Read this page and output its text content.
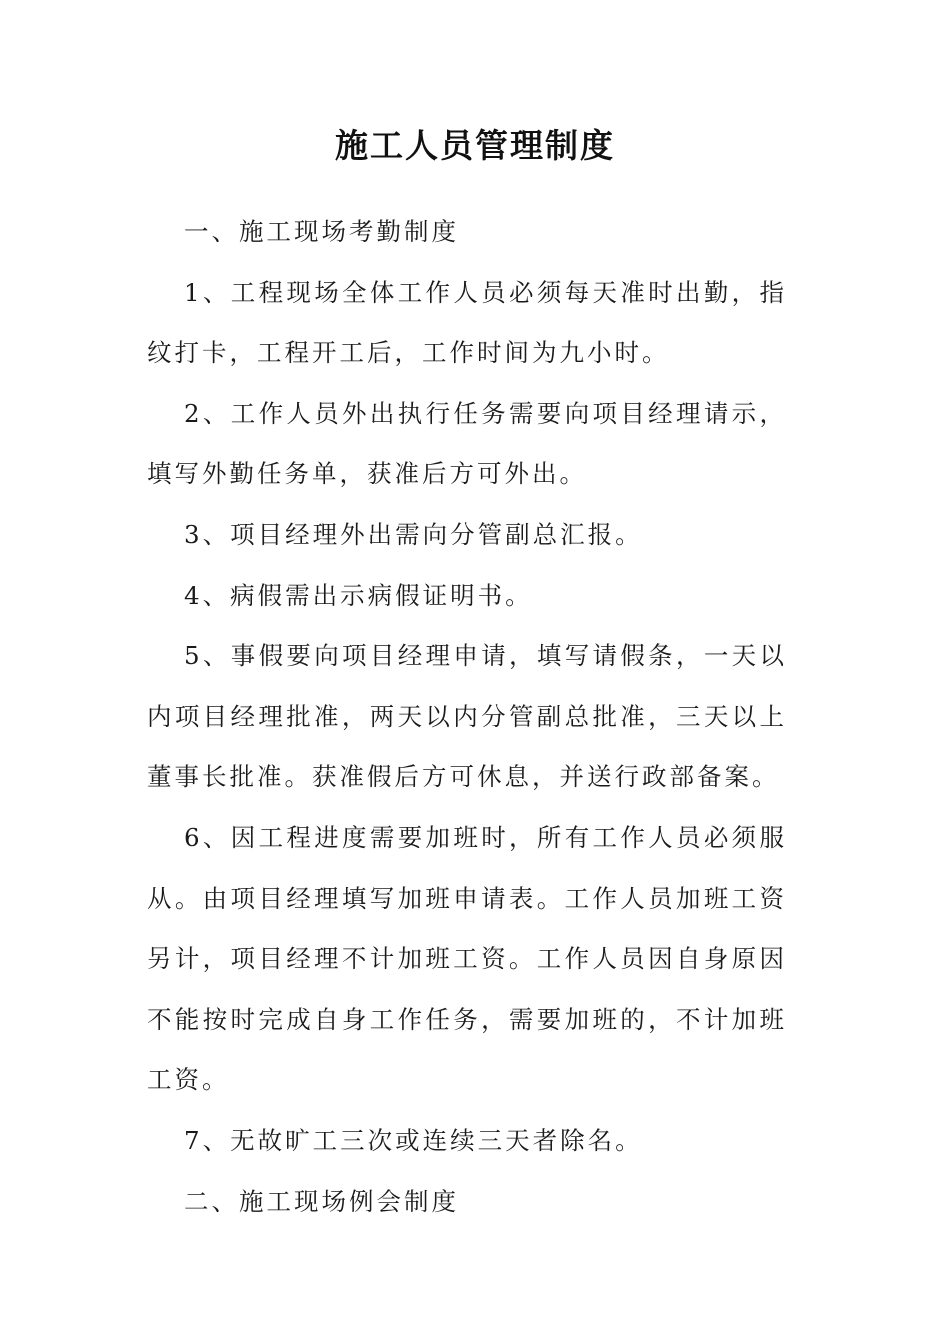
施工人员管理制度

一、施工现场考勤制度

1、工程现场全体工作人员必须每天准时出勤，指纹打卡，工程开工后，工作时间为九小时。

2、工作人员外出执行任务需要向项目经理请示，填写外勤任务单，获准后方可外出。

3、项目经理外出需向分管副总汇报。

4、病假需出示病假证明书。

5、事假要向项目经理申请，填写请假条，一天以内项目经理批准，两天以内分管副总批准，三天以上董事长批准。获准假后方可休息，并送行政部备案。

6、因工程进度需要加班时，所有工作人员必须服从。由项目经理填写加班申请表。工作人员加班工资另计，项目经理不计加班工资。工作人员因自身原因不能按时完成自身工作任务，需要加班的，不计加班工资。

7、无故旷工三次或连续三天者除名。

二、施工现场例会制度
